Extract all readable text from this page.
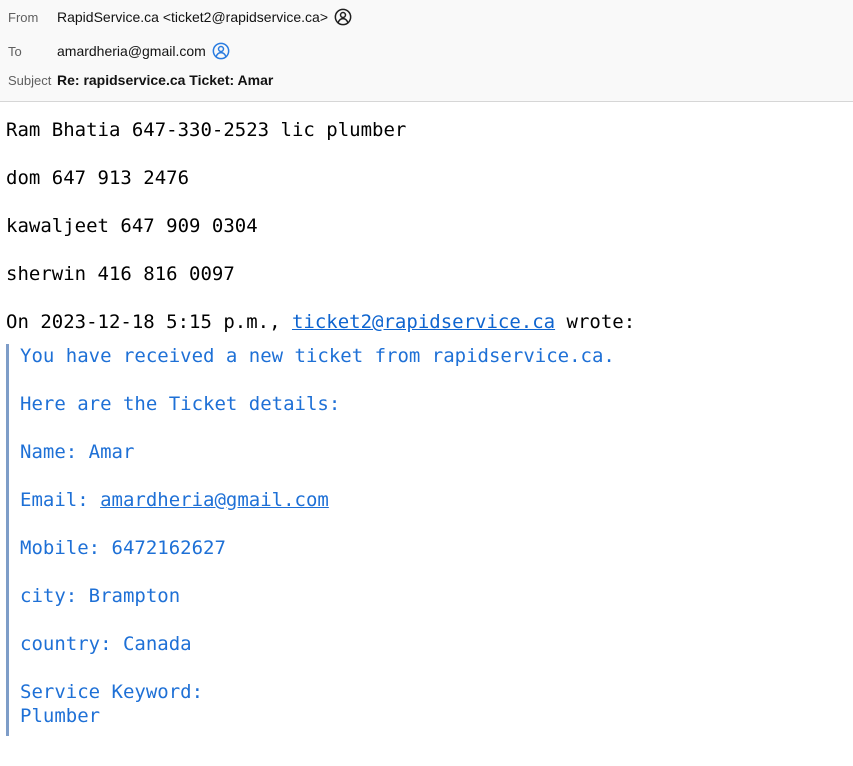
From	RapidService.ca <ticket2@rapidservice.ca>
To	amardheria@gmail.com
Subject Re: rapidservice.ca Ticket: Amar

Ram Bhatia 647-330-2523 lic plumber

dom 647 913 2476

kawaljeet 647 909 0304

sherwin 416 816 0097

On 2023-12-18 5:15 p.m., ticket2@rapidservice.ca wrote:

You have received a new ticket from rapidservice.ca.

Here are the Ticket details:

Name: Amar

Email: amardheria@gmail.com

Mobile: 6472162627

city: Brampton

country: Canada

Service Keyword:
Plumber
